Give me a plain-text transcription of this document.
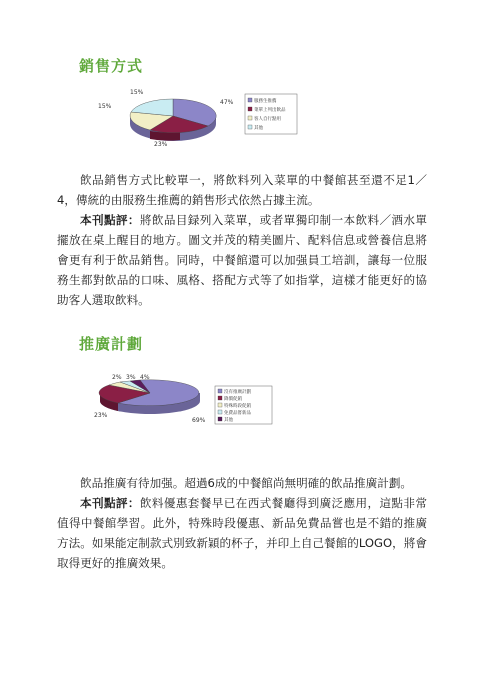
銷售方式
47%
23%
15%
15%
服務生推薦
菜單上列出飲品
客人自行點用
其他

飲品銷售方式比較單一，將飲料列入菜單的中餐館甚至還不足1／4，傳統的由服務生推薦的銷售形式依然占據主流。

本刊點評：將飲品目録列入菜單，或者單獨印制一本飲料／酒水單擺放在桌上醒目的地方。圖文并茂的精美圖片、配料信息或營養信息將會更有利于飲品銷售。同時，中餐館還可以加强員工培訓，讓每一位服務生都對飲品的口味、風格、搭配方式等了如指掌，這樣才能更好的協助客人選取飲料。

推廣計劃
69%
23%
2% 3% 4%
沒有推廣計劃
降價促銷
特殊時段促銷
免費品嘗新品
其他

飲品推廣有待加强。超過6成的中餐館尚無明確的飲品推廣計劃。

本刊點評：飲料優惠套餐早已在西式餐廳得到廣泛應用，這點非常值得中餐館學習。此外，特殊時段優惠、新品免費品嘗也是不錯的推廣方法。如果能定制款式別致新穎的杯子，并印上自己餐館的LOGO，將會取得更好的推廣效果。
